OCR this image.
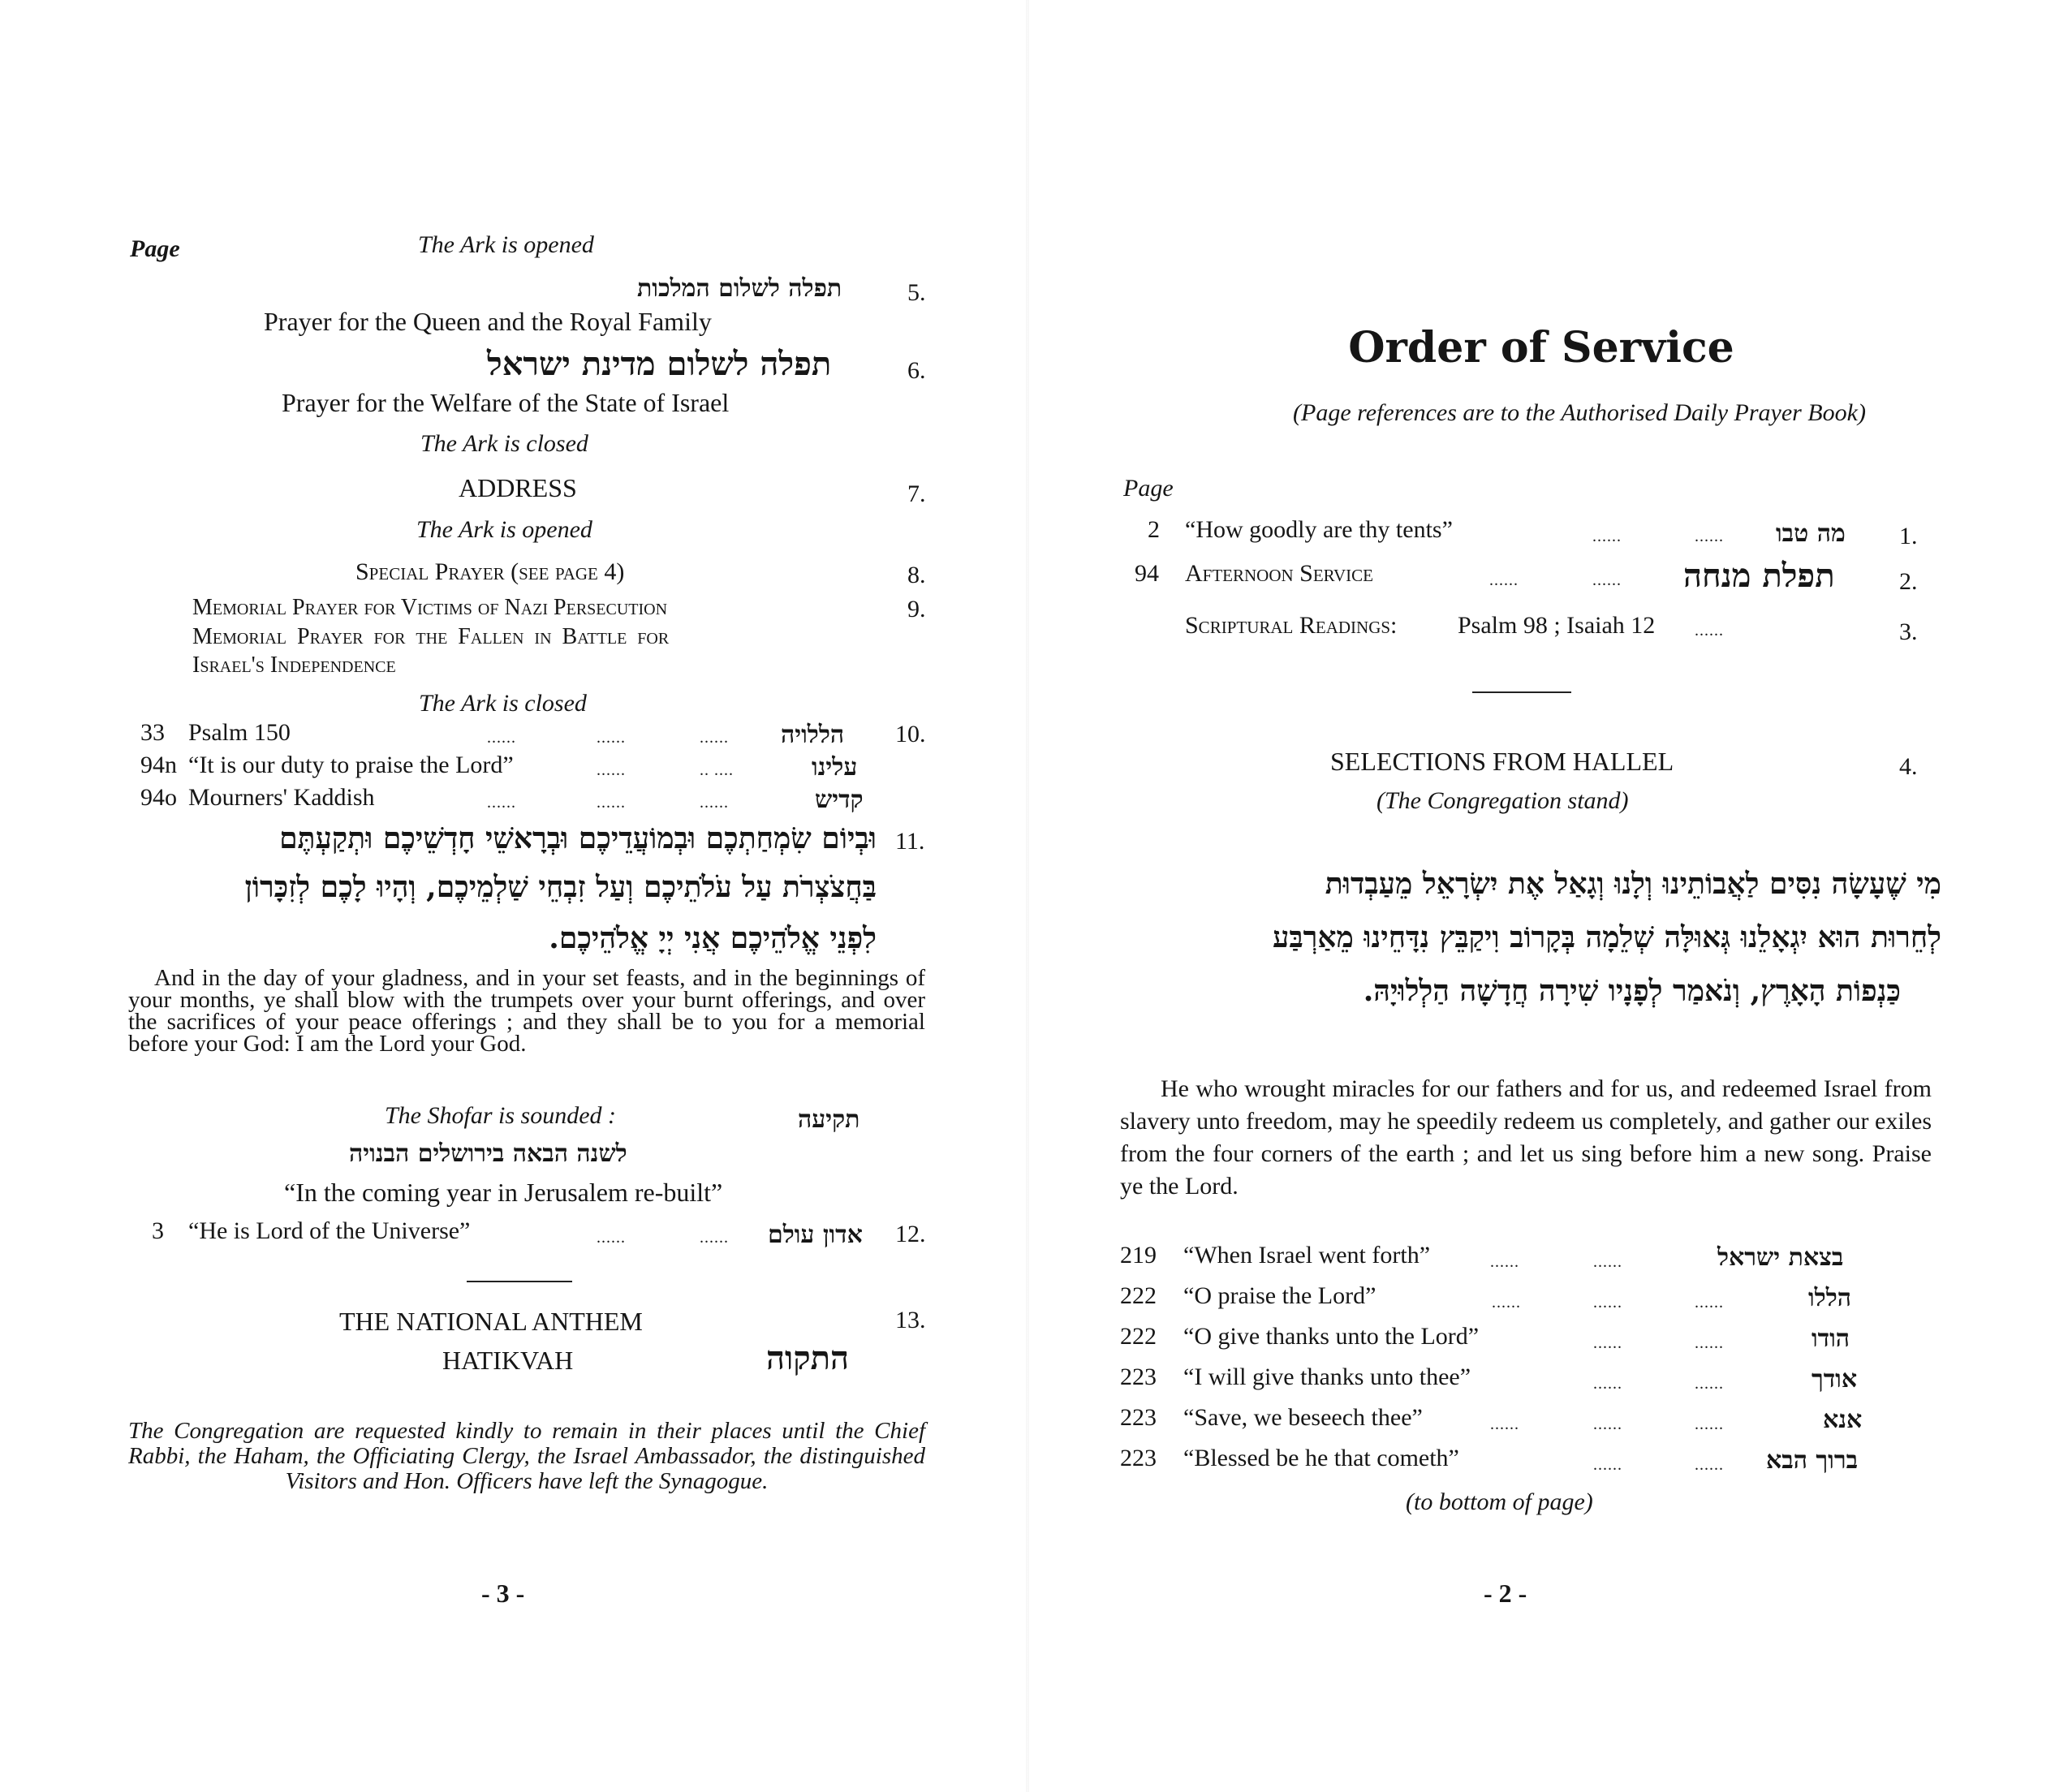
Page	The Ark is opened
תפלה לשלום המלכות	5.
Prayer for the Queen and the Royal Family
תפלה לשלום מדינת ישראל	6.
Prayer for the Welfare of the State of Israel
The Ark is closed
ADDRESS	7.
The Ark is opened
Special Prayer (see page 4)	8.
Memorial Prayer for Victims of Nazi Persecution	9.
Memorial Prayer for the Fallen in Battle for
Israel's Independence
The Ark is closed
33 Psalm 150	......	......	...... הללויה 10.
94n “It is our duty to praise the Lord”	......	.. ....	עלינו
94o Mourners' Kaddish	......	......	......	קדיש
וּבְיוֹם שִׂמְחַתְכֶם וּבְמוֹעֲדֵיכֶם וּבְרָאשֵׁי חָדְשֵׁיכֶם וּתְקַעְתֶּם 11.
בַּחֲצֹצְרֹת עַל עֹלֹתֵיכֶם וְעַל זִבְחֵי שַׁלְמֵיכֶם, וְהָיוּ לָכֶם לְזִכָּרוֹן
לִפְנֵי אֱלֹהֵיכֶם אֲנִי יְיָ אֱלֹהֵיכֶם.
And in the day of your gladness, and in your set feasts, and in the beginnings of your months, ye shall blow with the trumpets over your burnt offerings, and over the sacrifices of your peace offerings ; and they shall be to you for a memorial before your God: I am the Lord your God.
The Shofar is sounded :	תקיעה
לשנה הבאה בירושלים הבנויה
“In the coming year in Jerusalem re-built”
3 “He is Lord of the Universe”	......	...... אדון עולם 12.
THE NATIONAL ANTHEM	13.
HATIKVAH	התקוה
The Congregation are requested kindly to remain in their places until the Chief Rabbi, the Haham, the Officiating Clergy, the Israel Ambassador, the distinguished Visitors and Hon. Officers have left the Synagogue.
- 3 -
Order of Service
(Page references are to the Authorised Daily Prayer Book)
Page
2 “How goodly are thy tents”	......	...... מה טבו 1.
94 Afternoon Service	......	...... תפלת מנחה	2.
Scriptural Readings: Psalm 98 ; Isaiah 12 ......	3.
SELECTIONS FROM HALLEL	4.
(The Congregation stand)
מִי שֶׁעָשָׂה נִסִּים לַאֲבוֹתֵינוּ וְלָנוּ וְגָאַל אֶת יִשְׂרָאֵל מֵעַבְדוּת
לְחֵרוּת הוּא יִגְאָלֵנוּ גְּאוּלָּה שְׁלֵמָה בְּקָרוֹב וִיקַבֵּץ נִדָּחֵינוּ מֵאַרְבַּע
כַּנְפוֹת הָאָרֶץ, וְנֹאמַר לְפָנָיו שִׁירָה חֲדָשָׁה הַלְלוּיָהּ.
He who wrought miracles for our fathers and for us, and redeemed Israel from slavery unto freedom, may he speedily redeem us completely, and gather our exiles from the four corners of the earth ; and let us sing before him a new song. Praise ye the Lord.
219 “When Israel went forth”	......	......	בצאת ישראל
222 “O praise the Lord”	......	......	......	הללו
222 “O give thanks unto the Lord”	......	......	הודו
223 “I will give thanks unto thee”	......	......	אודך
223 “Save, we beseech thee”	......	......	......	אנא
223 “Blessed be he that cometh”	......	...... ברוך הבא
(to bottom of page)
- 2 -
